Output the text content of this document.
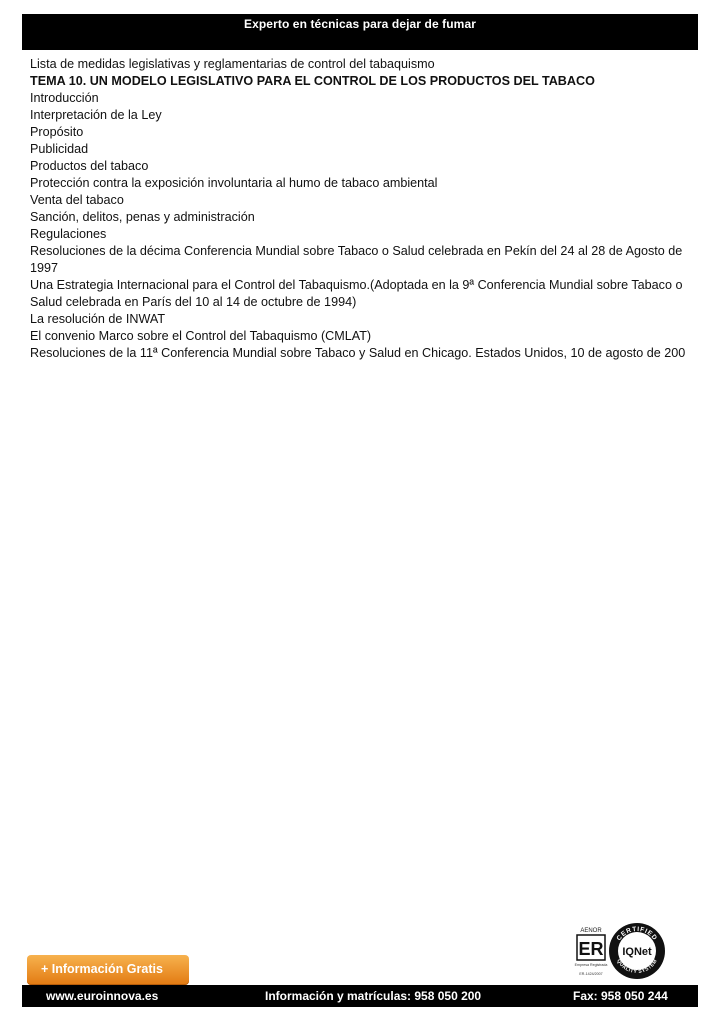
Experto en técnicas para dejar de fumar
Lista de medidas legislativas y reglamentarias de control del tabaquismo
TEMA 10. UN MODELO LEGISLATIVO PARA EL CONTROL DE LOS PRODUCTOS DEL TABACO
Introducción
Interpretación de la Ley
Propósito
Publicidad
Productos del tabaco
Protección contra la exposición involuntaria al humo de tabaco ambiental
Venta del tabaco
Sanción, delitos, penas y administración
Regulaciones
Resoluciones de la décima Conferencia Mundial sobre Tabaco o Salud celebrada en Pekín del 24 al 28 de Agosto de
1997
Una Estrategia Internacional para el Control del Tabaquismo.(Adoptada en la 9ª Conferencia Mundial sobre Tabaco o
Salud celebrada en París del 10 al 14 de octubre de 1994)
La resolución de INWAT
El convenio Marco sobre el Control del Tabaquismo (CMLAT)
Resoluciones de la 11ª Conferencia Mundial sobre Tabaco y Salud en Chicago. Estados Unidos, 10 de agosto de 200
+ Información Gratis
AENOR
ER
Empresa Registrada
ER-1424/2007
CERTIFIED
QUALITY SYSTEM
IQNet
www.euroinnova.es	Información y matrículas: 958 050 200	Fax: 958 050 244
